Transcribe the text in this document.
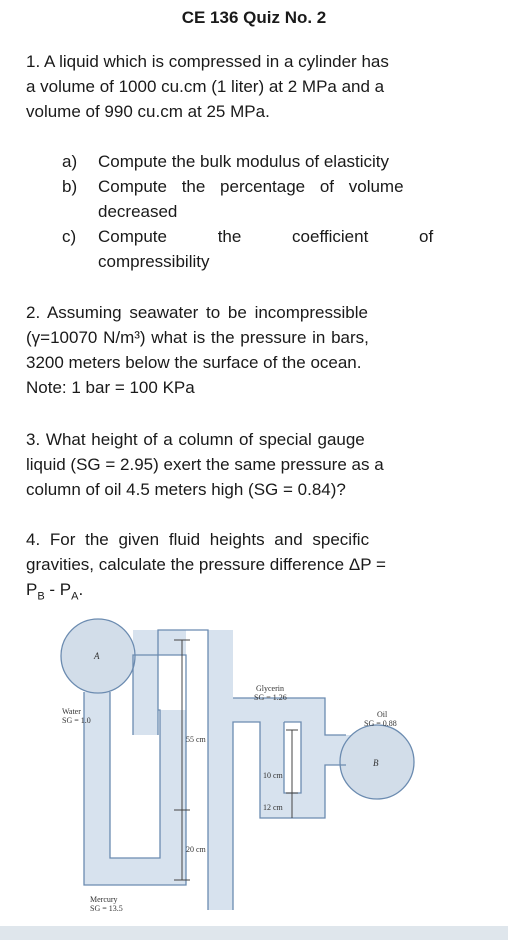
CE 136 Quiz No. 2
1. A liquid which is compressed in a cylinder has
a volume of 1000 cu.cm (1 liter) at 2 MPa and a
volume of 990 cu.cm at 25 MPa.
a) Compute the bulk modulus of elasticity
b) Compute the percentage of volume
decreased
c) Compute the coefficient of
compressibility
2. Assuming seawater to be incompressible
(γ=10070 N/m³) what is the pressure in bars,
3200 meters below the surface of the ocean.
Note: 1 bar = 100 KPa
3. What height of a column of special gauge
liquid (SG = 2.95) exert the same pressure as a
column of oil 4.5 meters high (SG = 0.84)?
4. For the given fluid heights and specific
gravities, calculate the pressure difference ΔP =
$P_B - P_A$.
A
Water
SG = 1.0
Mercury
SG = 13.5
Glycerin
SG = 1.26
Oil
SG = 0.88
55 cm
20 cm
10 cm
12 cm
B
